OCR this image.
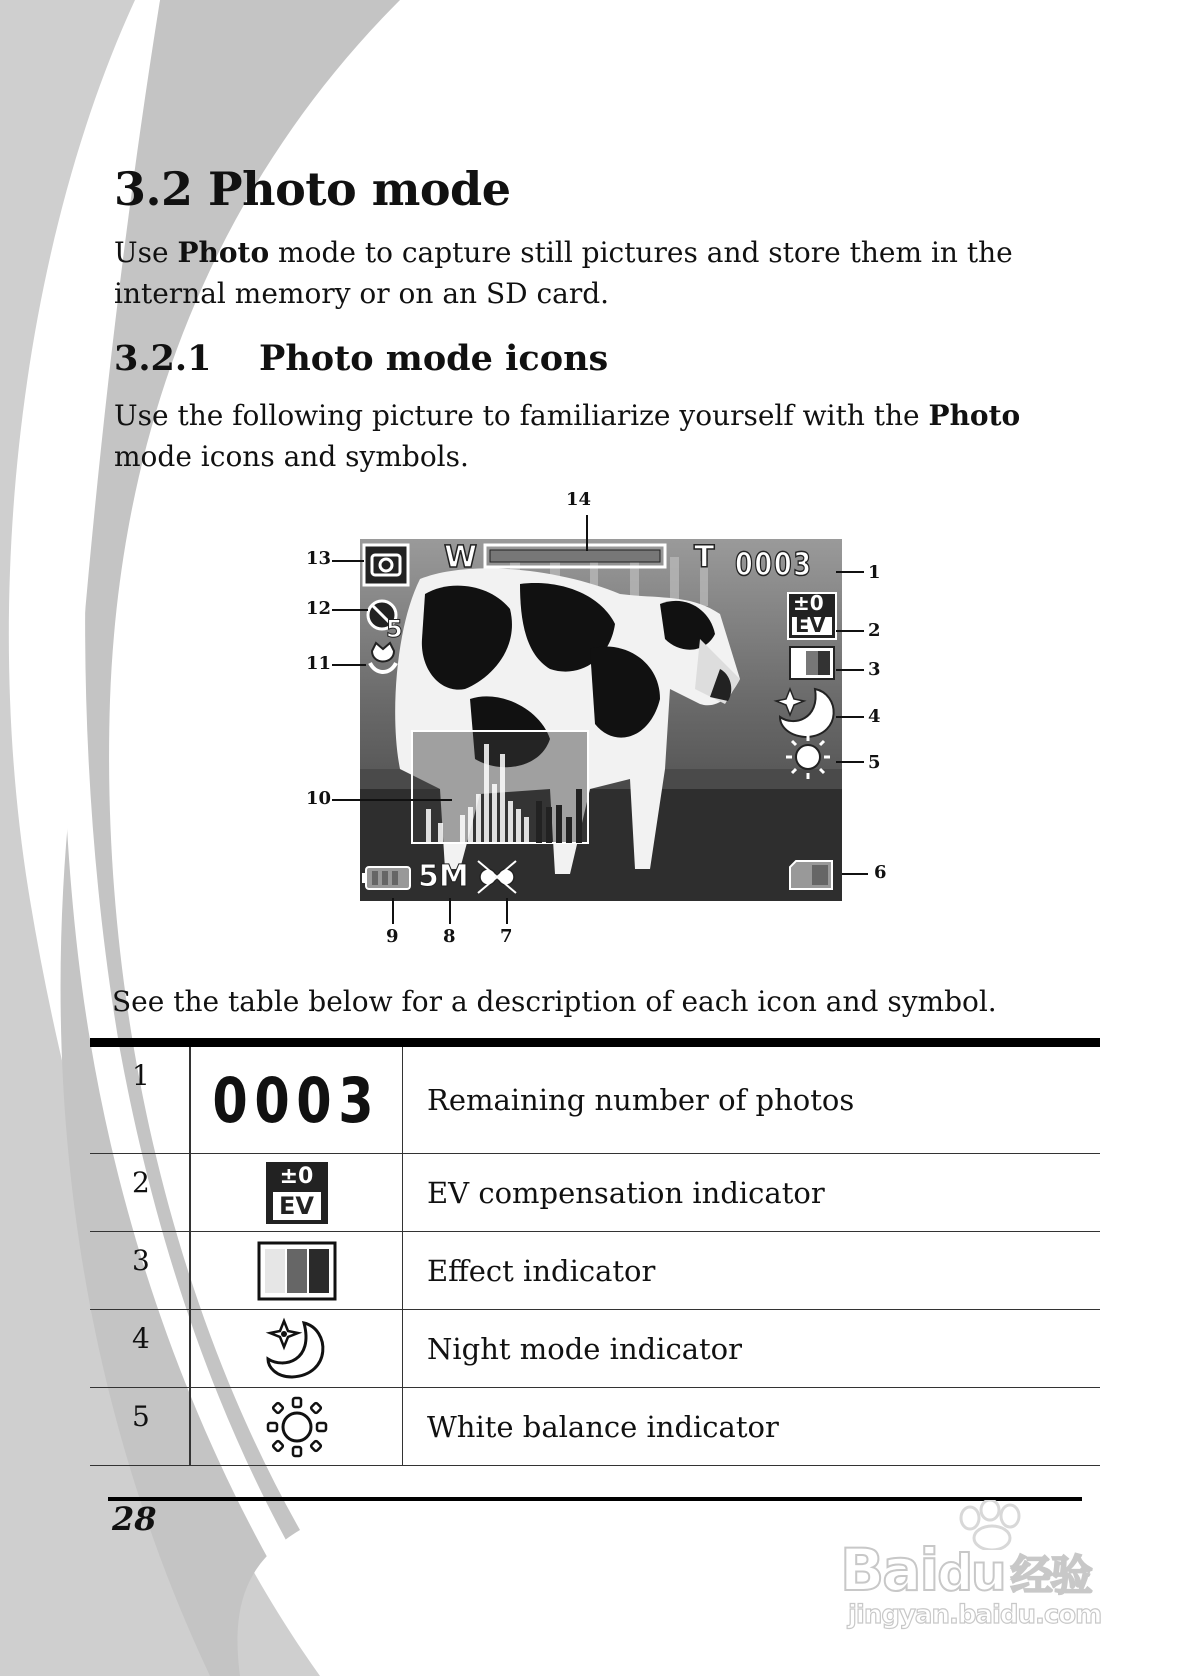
3.2 Photo mode

Use Photo mode to capture still pictures and store them in the
internal memory or on an SD card.

3.2.1 Photo mode icons

Use the following picture to familiarize yourself with the Photo
mode icons and symbols.

W	T 0003
±0
EV
5
5M
14
13
12
11
10
1
2
3
4
5
6
9 8 7

See the table below for a description of each icon and symbol.

1	0003	Remaining number of photos
2	$\frac{\pm 0}{EV}$	EV compensation indicator
3		Effect indicator
4		Night mode indicator
5		White balance indicator

28

Baidu 经验
jingyan.baidu.com
